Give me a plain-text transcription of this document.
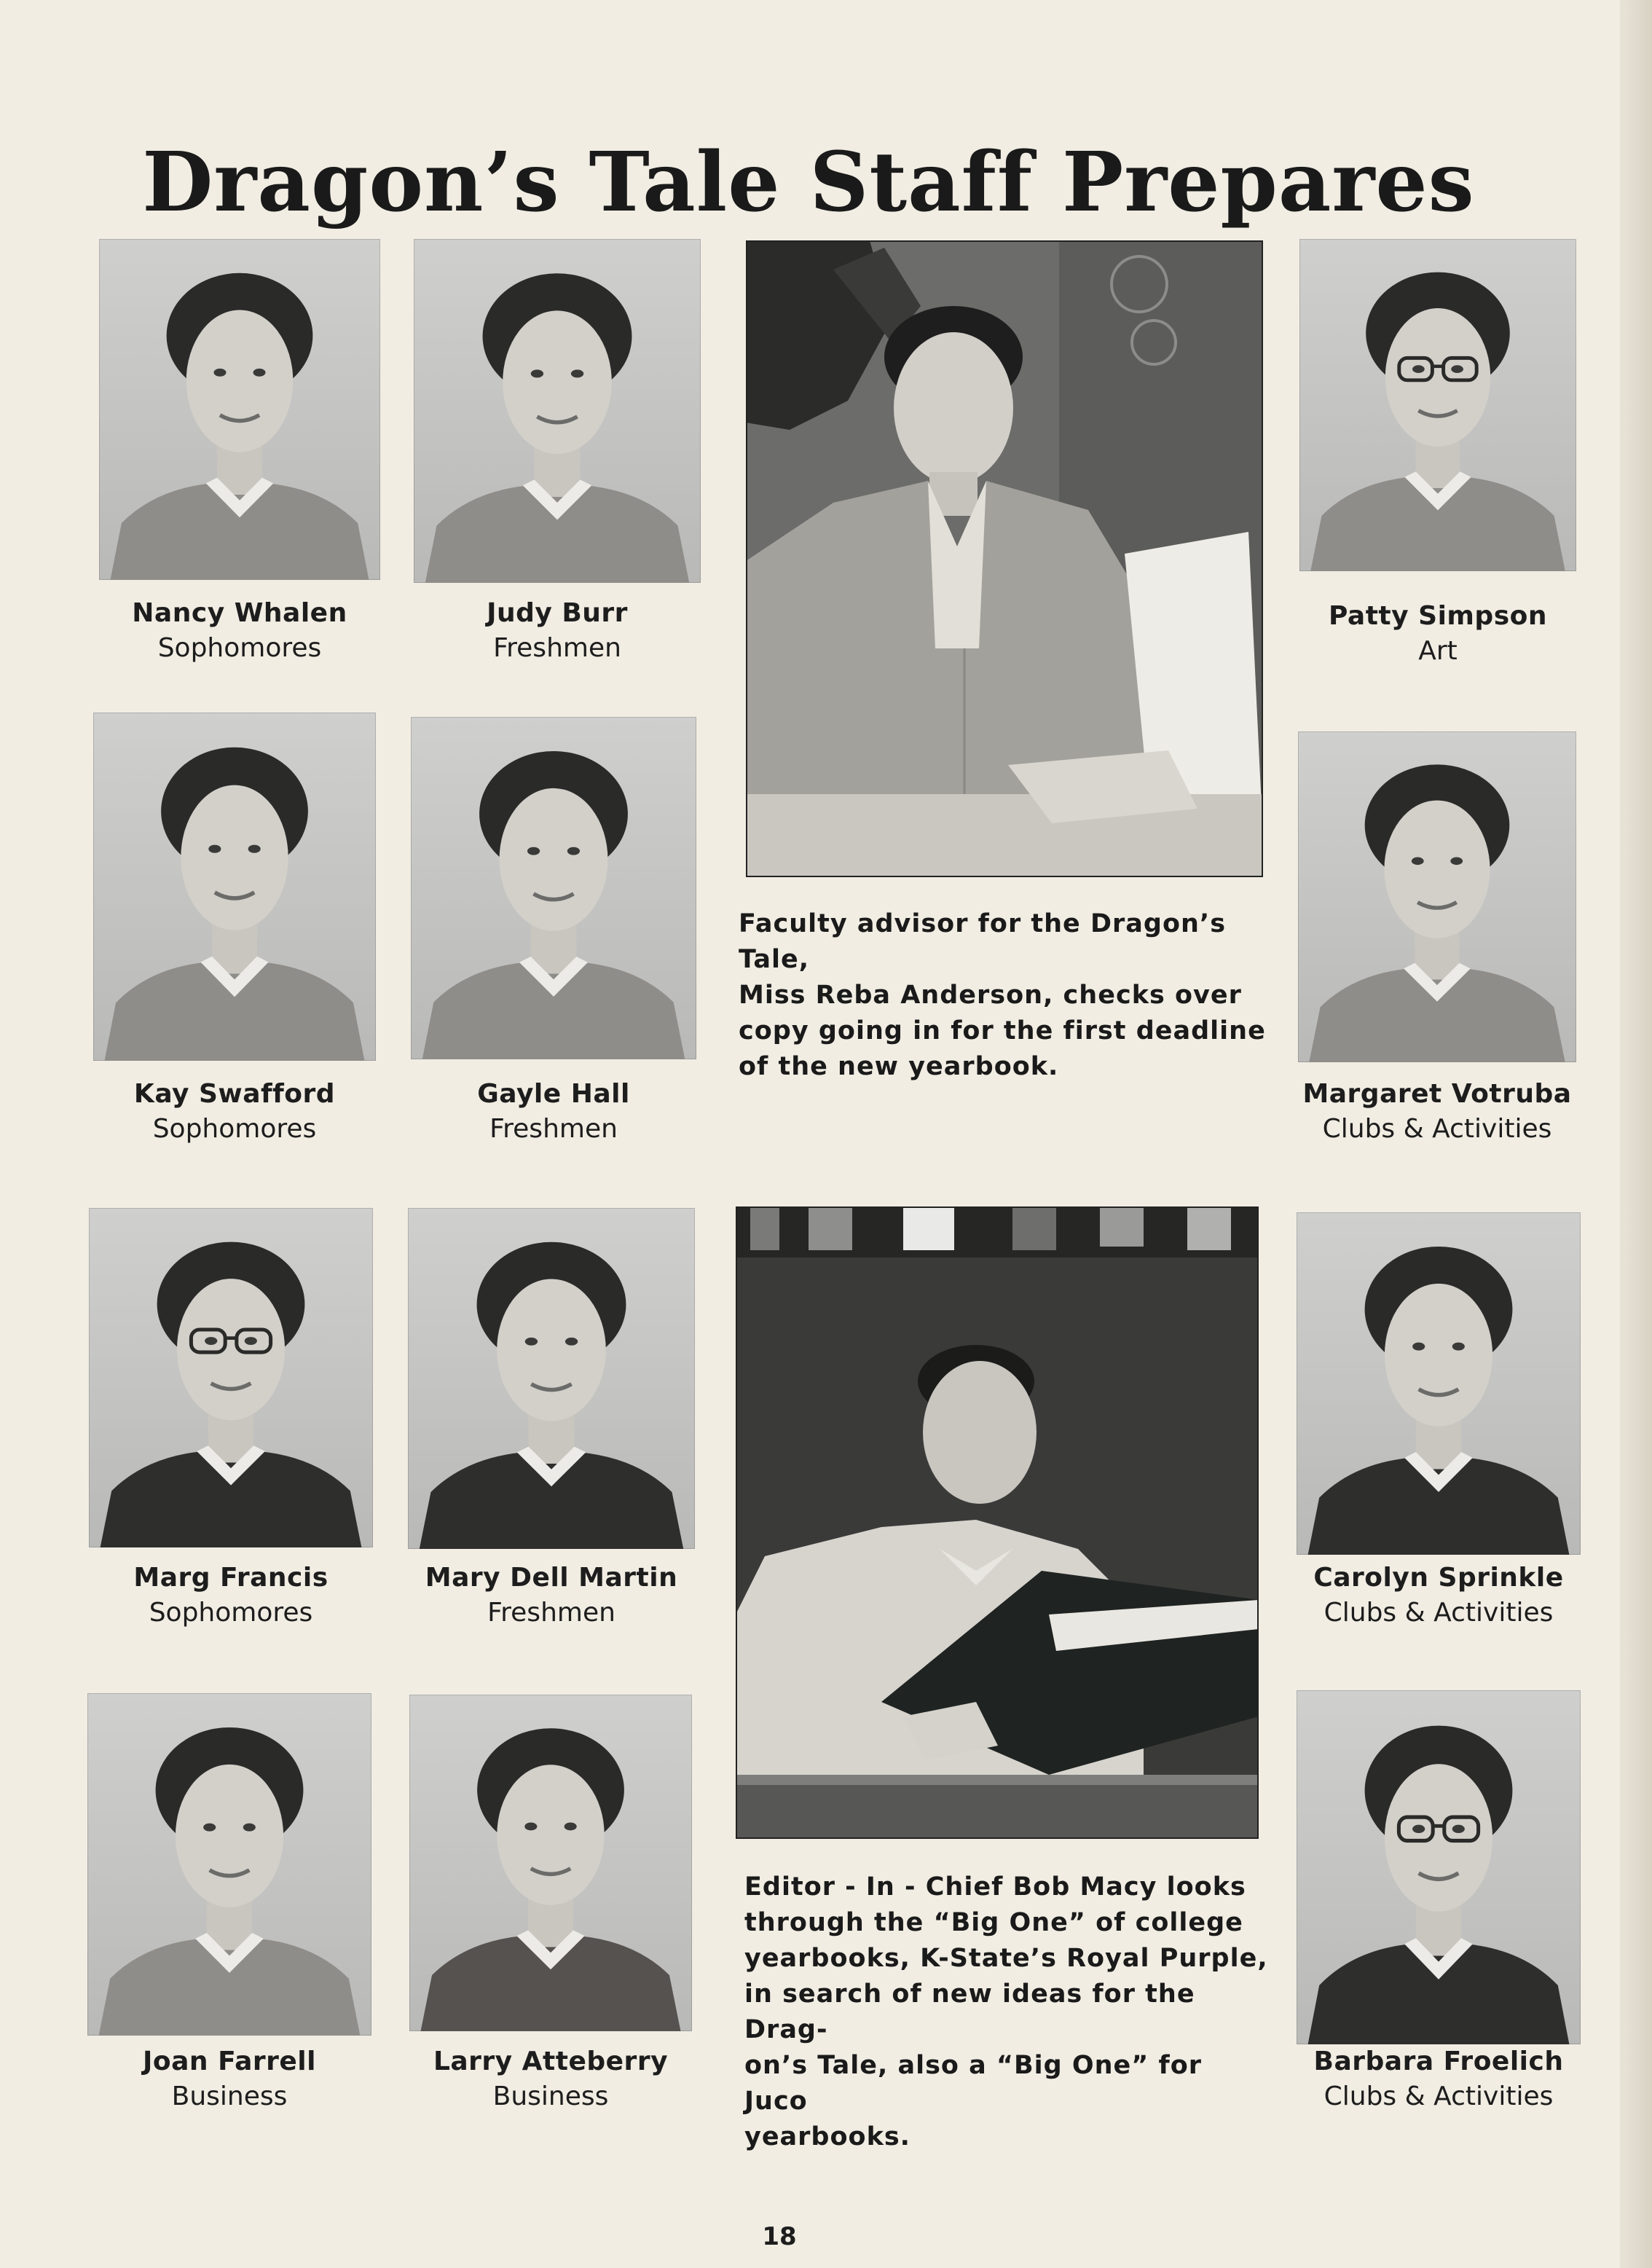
Dragon’s Tale Staff Prepares
Nancy Whalen
Sophomores
Judy Burr
Freshmen
Patty Simpson
Art
Kay Swafford
Sophomores
Gayle Hall
Freshmen
Margaret Votruba
Clubs & Activities
Marg Francis
Sophomores
Mary Dell Martin
Freshmen
Carolyn Sprinkle
Clubs & Activities
Joan Farrell
Business
Larry Atteberry
Business
Barbara Froelich
Clubs & Activities
Faculty advisor for the Dragon’s Tale,
Miss Reba Anderson, checks over
copy going in for the first deadline
of the new yearbook.
Editor - In - Chief Bob Macy looks
through the “Big One” of college
yearbooks, K-State’s Royal Purple,
in search of new ideas for the Drag-
on’s Tale, also a “Big One” for Juco
yearbooks.
18
